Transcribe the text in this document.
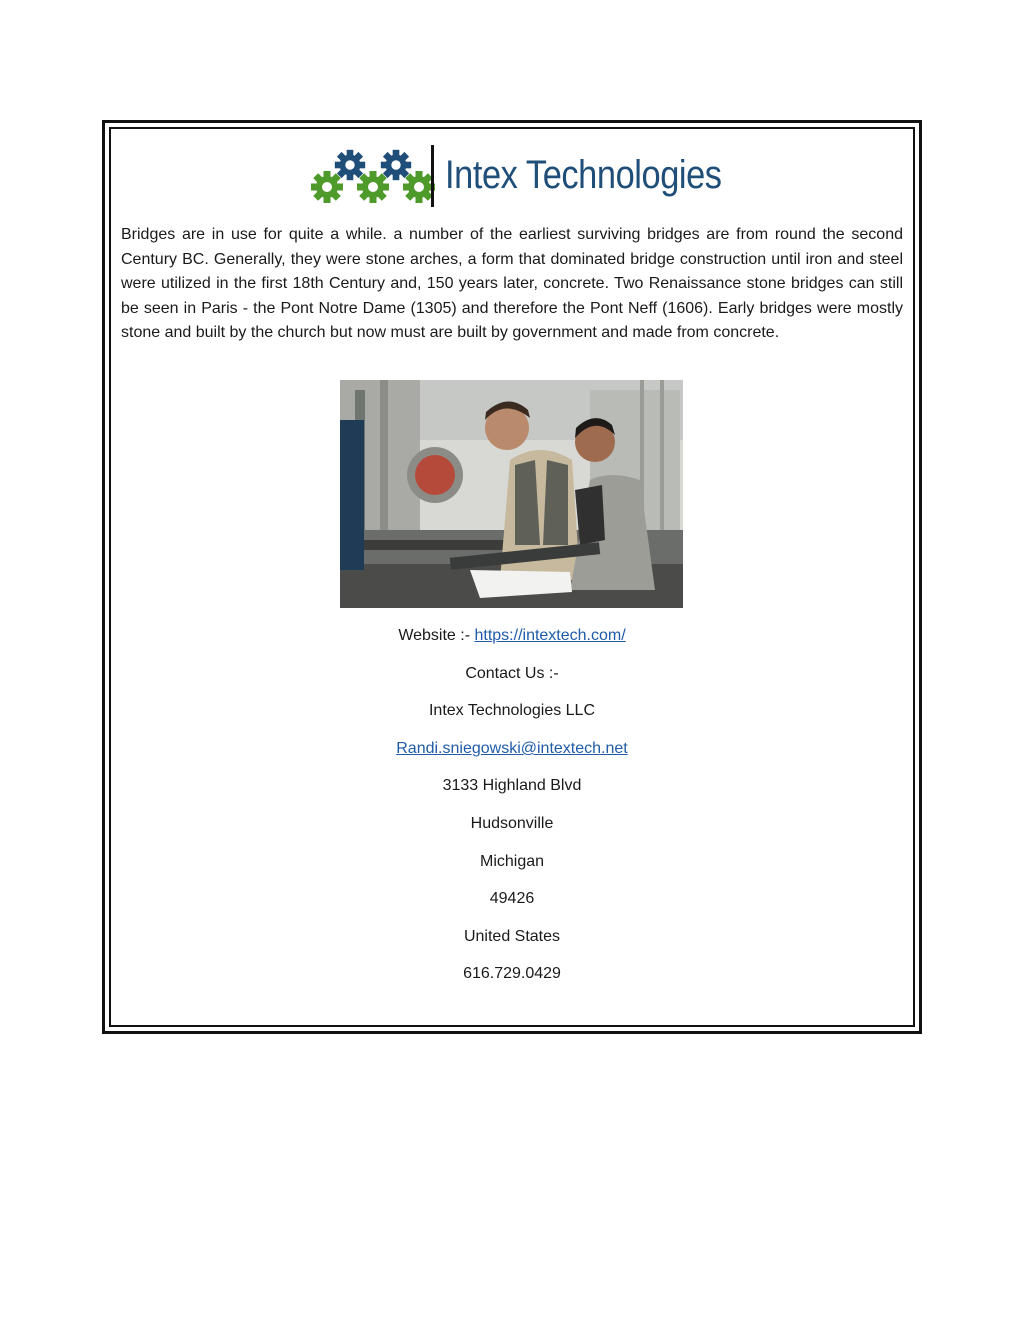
Intex Technologies

Bridges are in use for quite a while. a number of the earliest surviving bridges are from round the second Century BC. Generally, they were stone arches, a form that dominated bridge construction until iron and steel were utilized in the first 18th Century and, 150 years later, concrete. Two Renaissance stone bridges can still be seen in Paris - the Pont Notre Dame (1305) and therefore the Pont Neff (1606). Early bridges were mostly stone and built by the church but now must are built by government and made from concrete.

Website :- https://intextech.com/

Contact Us :-

Intex Technologies LLC

Randi.sniegowski@intextech.net

3133 Highland Blvd

Hudsonville

Michigan

49426

United States

616.729.0429
